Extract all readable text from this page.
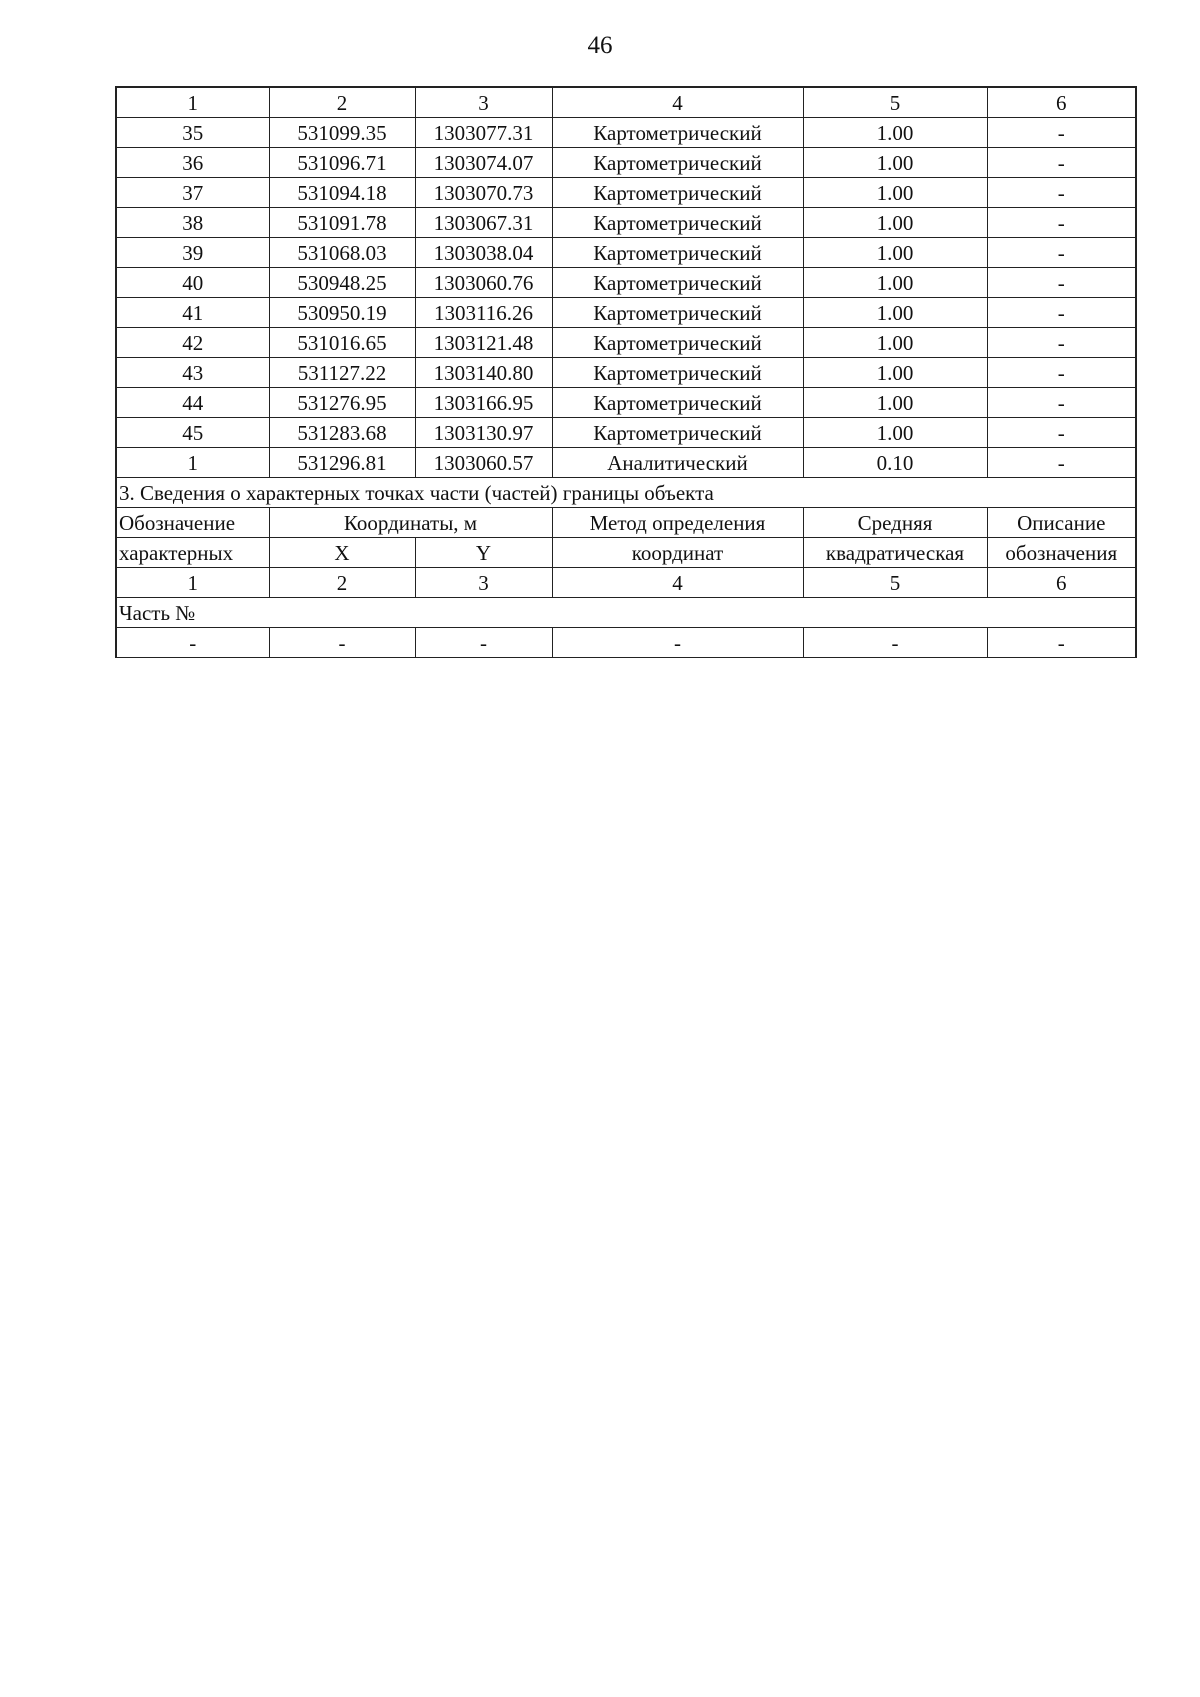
46
1	2	3	4	5	6
35	531099.35	1303077.31	Картометрический	1.00	-
36	531096.71	1303074.07	Картометрический	1.00	-
37	531094.18	1303070.73	Картометрический	1.00	-
38	531091.78	1303067.31	Картометрический	1.00	-
39	531068.03	1303038.04	Картометрический	1.00	-
40	530948.25	1303060.76	Картометрический	1.00	-
41	530950.19	1303116.26	Картометрический	1.00	-
42	531016.65	1303121.48	Картометрический	1.00	-
43	531127.22	1303140.80	Картометрический	1.00	-
44	531276.95	1303166.95	Картометрический	1.00	-
45	531283.68	1303130.97	Картометрический	1.00	-
1	531296.81	1303060.57	Аналитический	0.10	-
3. Сведения о характерных точках части (частей) границы объекта					
Обозначение	Координаты, м		Метод определения	Средняя	Описание
характерных	X	Y	координат	квадратическая	обозначения
1	2	3	4	5	6
Часть №					
-	-	-	-	-	-
